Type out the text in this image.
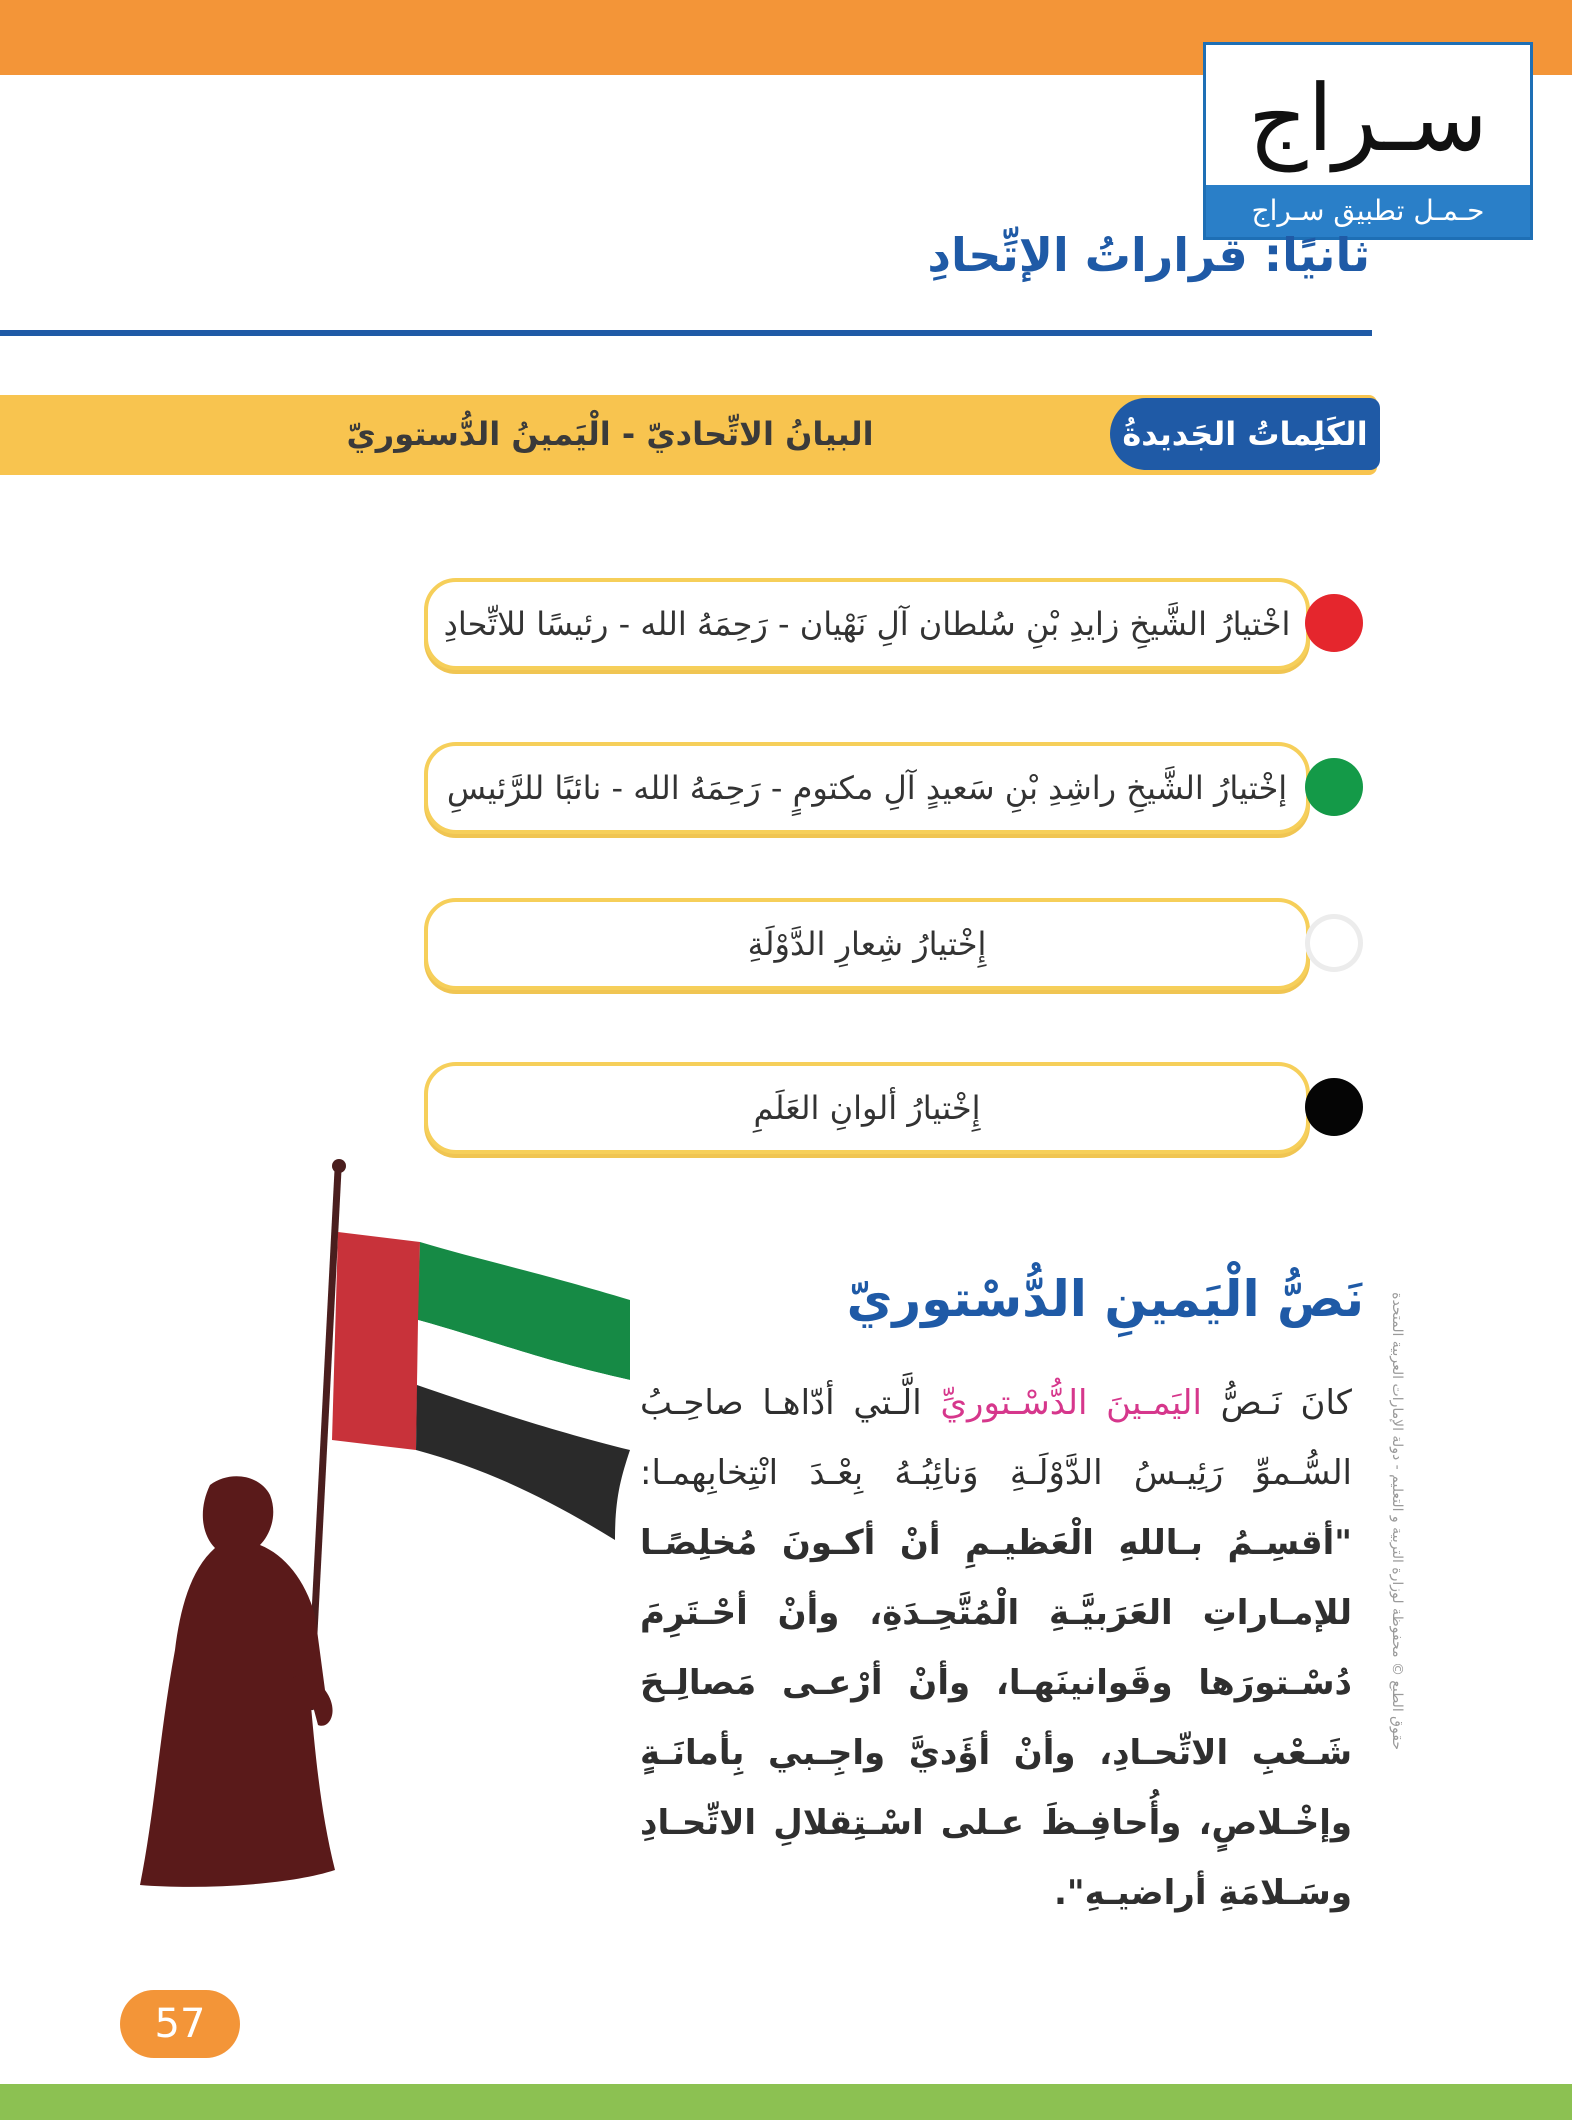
سـراج
حـمـل تطبيق سـراج
ثانيًا: قراراتُ الإتِّحادِ
البيانُ الاتِّحاديّ - الْيَمينُ الدُّستوريّ	الكَلِماتُ الجَديدةُ
اخْتيارُ الشَّيخِ زايدِ بْنِ سُلطان آلِ نَهْيان - رَحِمَهُ الله - رئيسًا للاتِّحادِ
إخْتيارُ الشَّيخِ راشِدِ بْنِ سَعيدٍ آلِ مكتومٍ - رَحِمَهُ الله - نائبًا للرَّئيسِ
إِخْتيارُ شِعارِ الدَّوْلَةِ
إِخْتيارُ ألوانِ العَلَمِ
نَصُّ الْيَمينِ الدُّسْتوريّ
كانَ نَـصُّ اليَمـينَ الدُّسْـتوريِّ الَّـتي أدّاهـا صاحِـبُ السُّـموِّ رَئِيـسُ الدَّوْلَـةِ وَنائِبُـهُ بِعْـدَ انْتِخابِهمـا: "أقسِـمُ بـاللهِ الْعَظيـمِ أنْ أكـونَ مُخلِصًـا للإمـاراتِ العَرَبيَّـةِ الْمُتَّحِـدَةِ، وأنْ أحْـتَرِمَ دُسْـتورَها وقَوانينَهـا، وأنْ أرْعـى مَصالِـحَ شَـعْبِ الاتِّحـادِ، وأنْ أؤَديَّ واجِـبي بِأمانَـةٍ وإخْـلاصٍ، وأُحافِـظَ عـلى اسْـتِقلالِ الاتِّحـادِ وسَـلامَةِ أراضيـهِ".
حقوق الطبع © محفوظة لوزارة التربية و التعليم - دولة الإمارات العربية المتحدة
57
